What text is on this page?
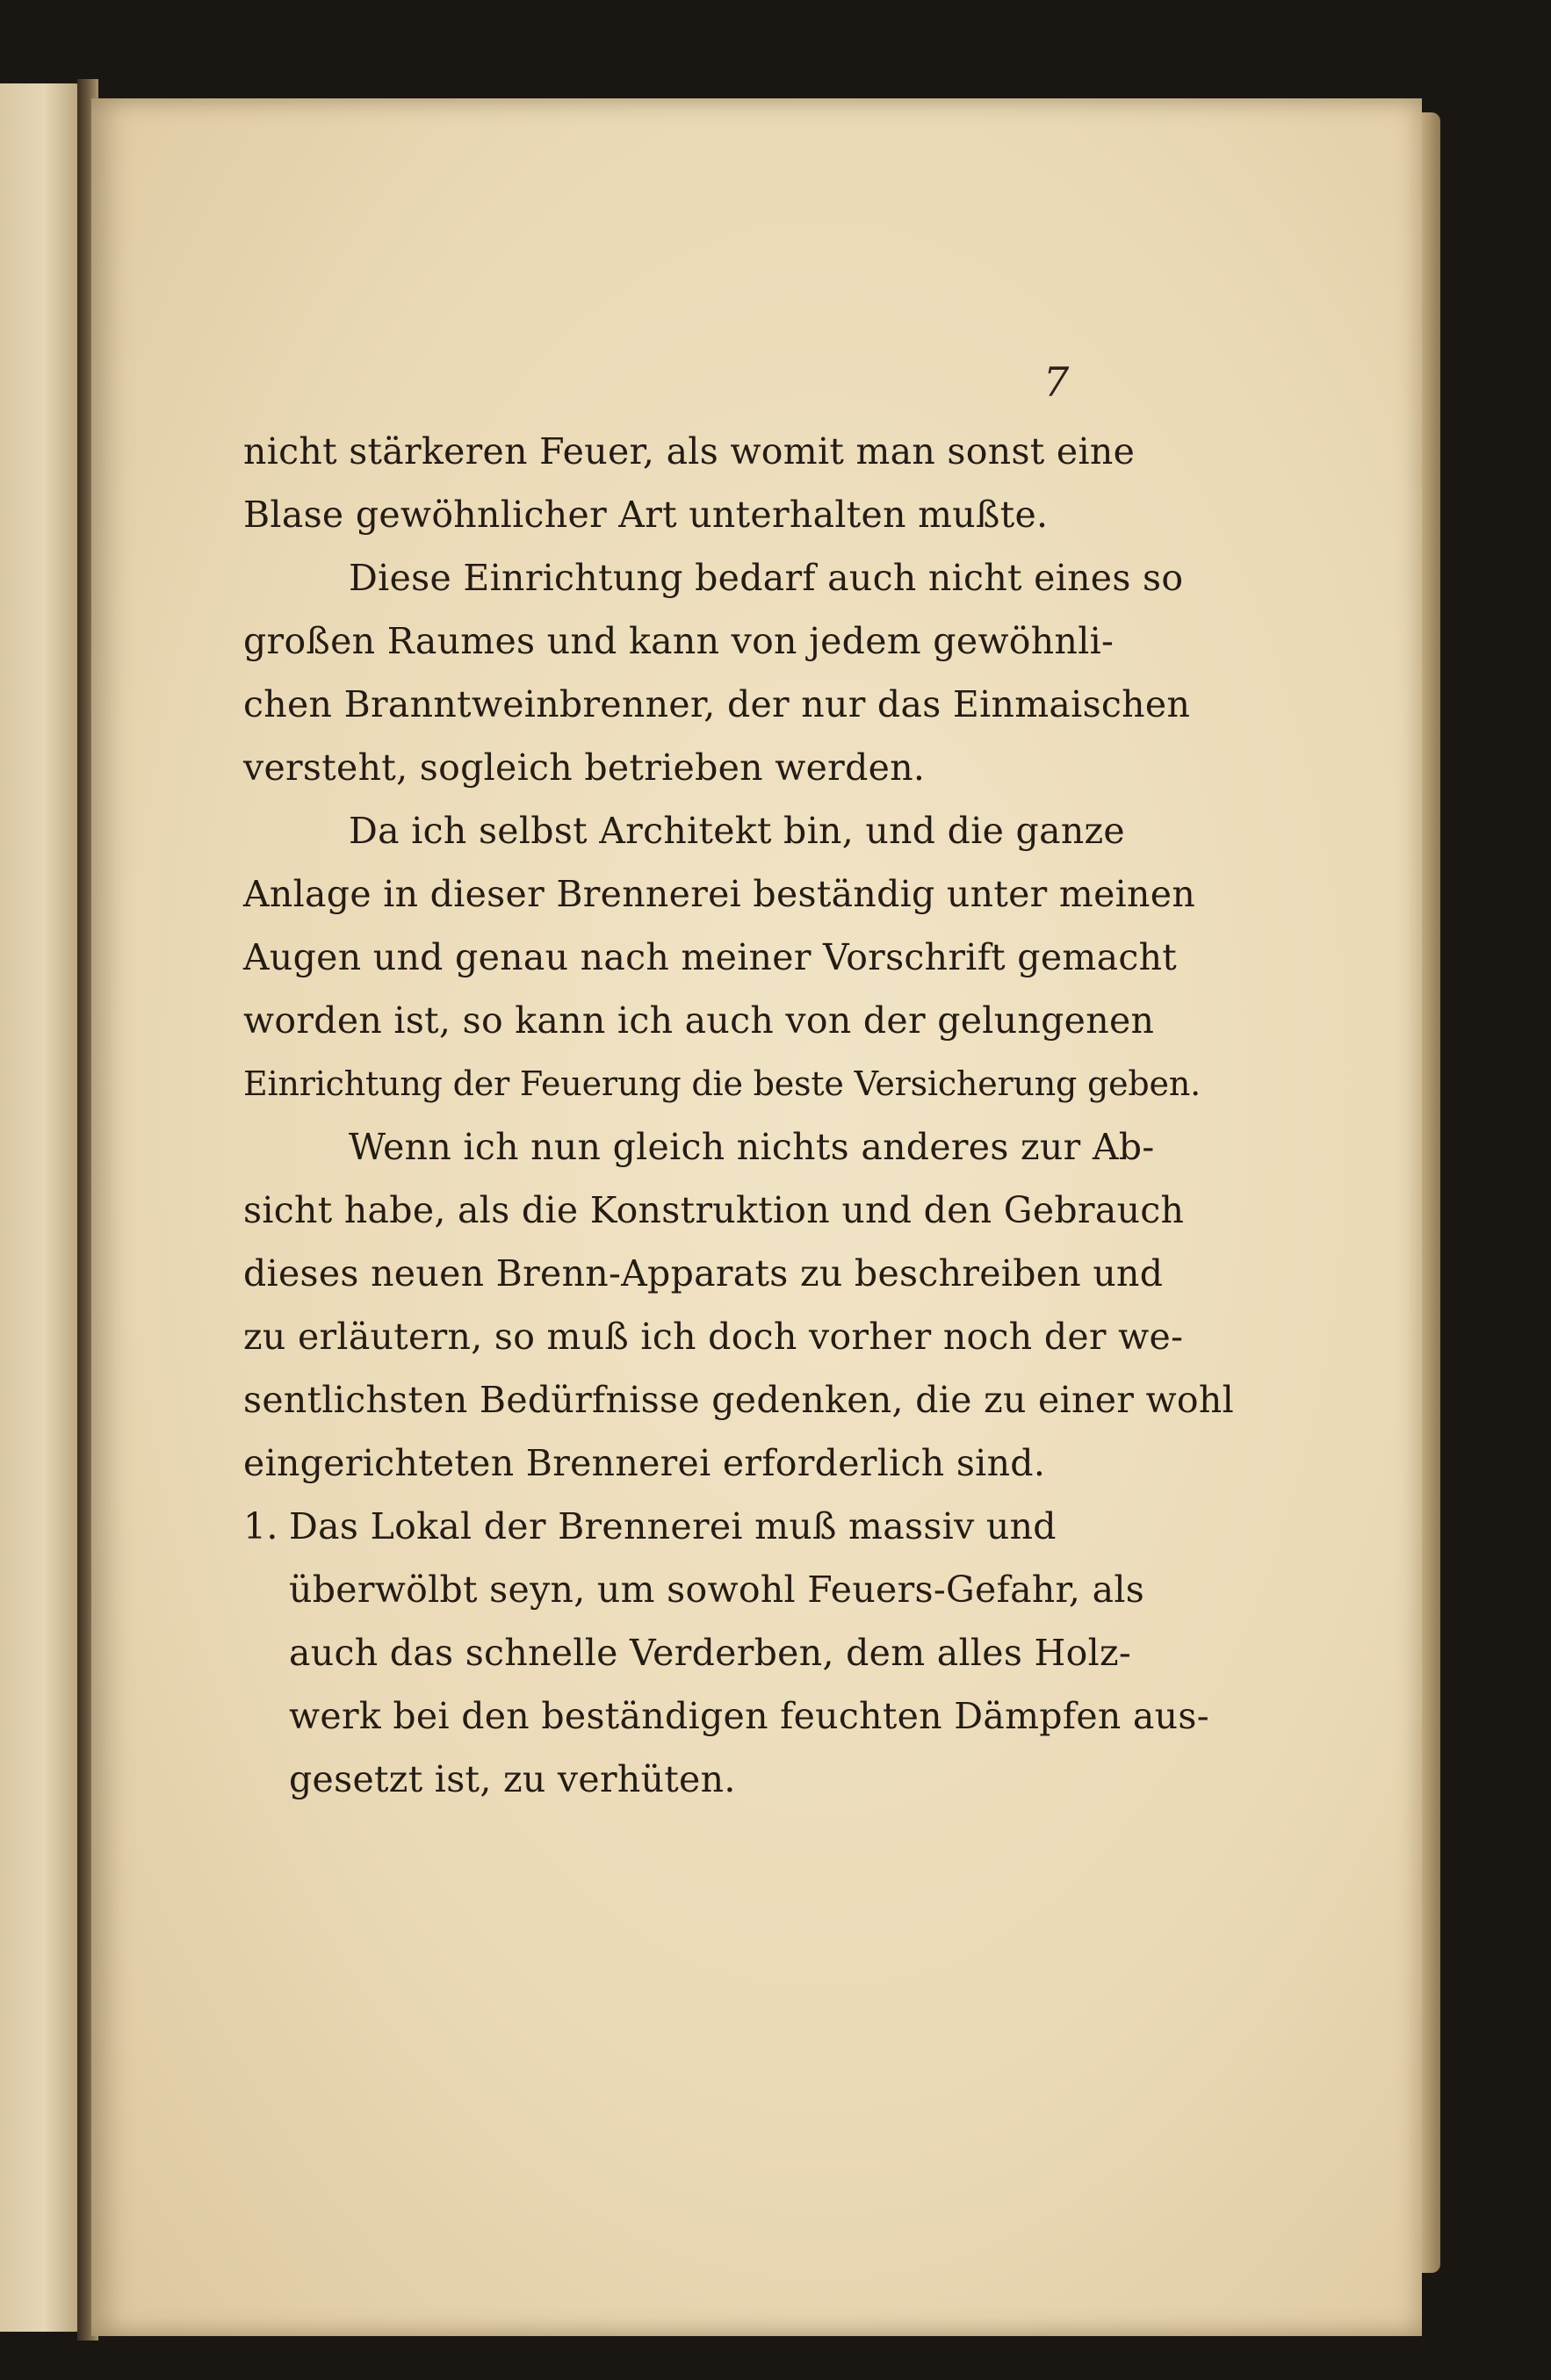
7
nicht stärkeren Feuer, als womit man sonst eine
Blase gewöhnlicher Art unterhalten mußte.
Diese Einrichtung bedarf auch nicht eines so
großen Raumes und kann von jedem gewöhnli-
chen Branntweinbrenner, der nur das Einmaischen
versteht, sogleich betrieben werden.
Da ich selbst Architekt bin, und die ganze
Anlage in dieser Brennerei beständig unter meinen
Augen und genau nach meiner Vorschrift gemacht
worden ist, so kann ich auch von der gelungenen
Einrichtung der Feuerung die beste Versicherung geben.
Wenn ich nun gleich nichts anderes zur Ab-
sicht habe, als die Konstruktion und den Gebrauch
dieses neuen Brenn-Apparats zu beschreiben und
zu erläutern, so muß ich doch vorher noch der we-
sentlichsten Bedürfnisse gedenken, die zu einer wohl
eingerichteten Brennerei erforderlich sind.
1. Das Lokal der Brennerei muß massiv und
überwölbt seyn, um sowohl Feuers-Gefahr, als
auch das schnelle Verderben, dem alles Holz-
werk bei den beständigen feuchten Dämpfen aus-
gesetzt ist, zu verhüten.
